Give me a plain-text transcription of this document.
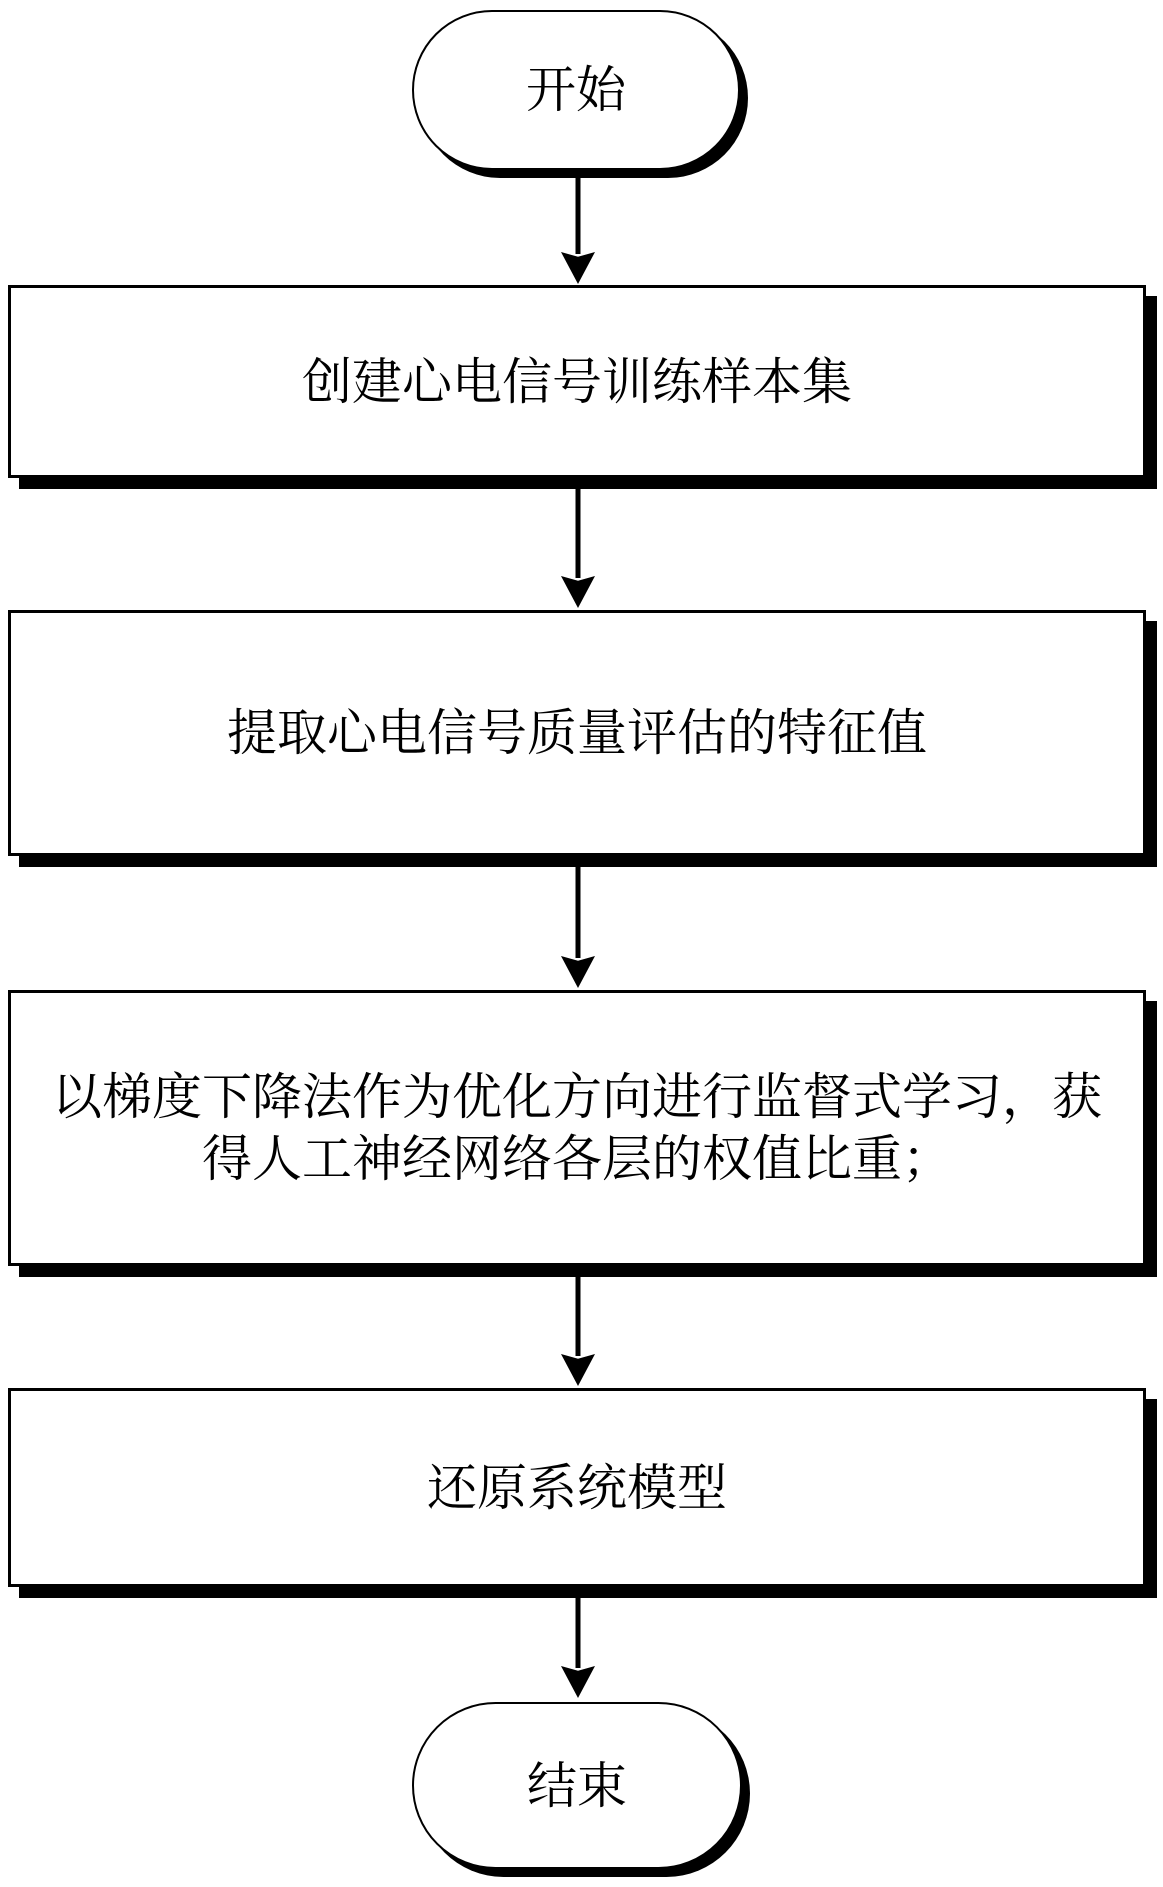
开始
创建心电信号训练样本集
提取心电信号质量评估的特征值
以梯度下降法作为优化方向进行监督式学习，获
得人工神经网络各层的权值比重；
还原系统模型
结束
